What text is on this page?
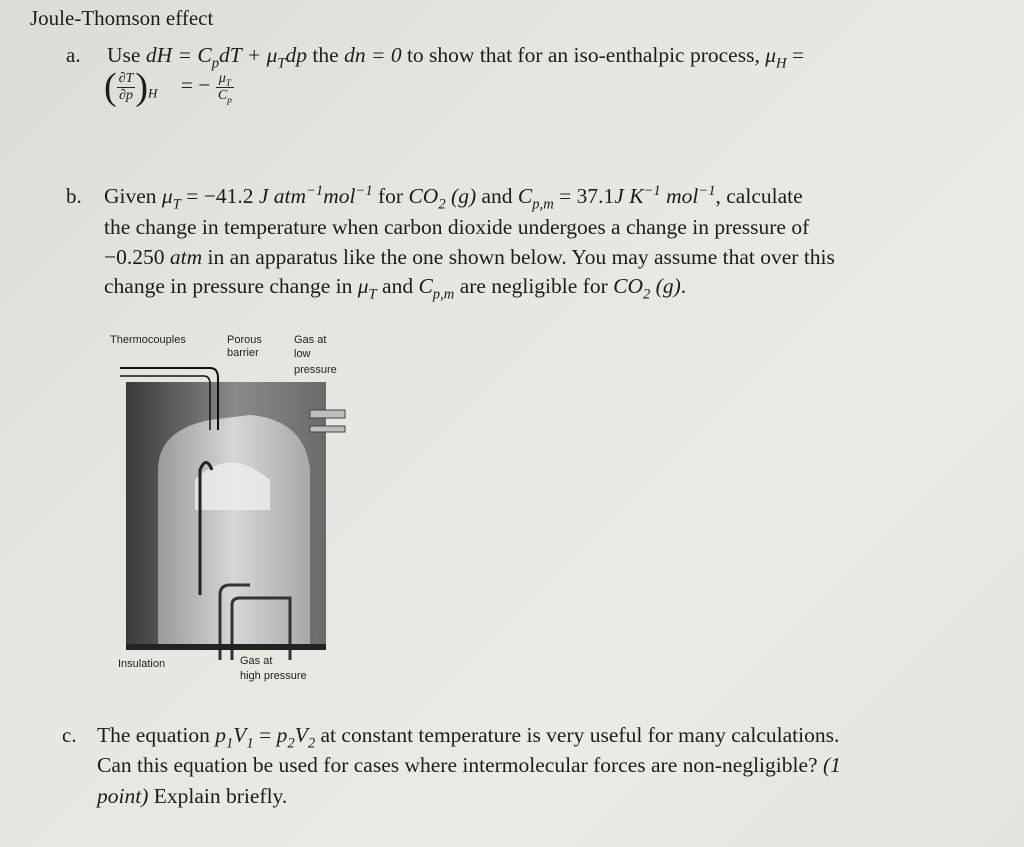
Joule-Thomson effect
a. Use dH = $C_pdT + \mu_Tdp$ the dn = 0 to show that for an iso-enthalpic process, $\mu_H$ =
( $\frac{\partial T}{\partial p} )_H$ = − $\frac{\mu_T}{C_p}$
b. Given $\mu_T = -41.2$ J atm$^{-1}$mol$^{-1}$ for $CO_2$ (g) and $C_{p,m} = 37.1J$ $K^{-1}$ mol$^{-1}$, calculate
the change in temperature when carbon dioxide undergoes a change in pressure of
−0.250 atm in an apparatus like the one shown below. You may assume that over this
change in pressure change in $\mu_T$ and $C_{p,m}$ are negligible for $CO_2$ (g).
Thermocouples	Porous
barrier
Gas at
low
pressure
Insulation	Gas at
high pressure
c. The equation $p_1V_1 = p_2V_2$ at constant temperature is very useful for many calculations.
Can this equation be used for cases where intermolecular forces are non-negligible? (1
point) Explain briefly.
